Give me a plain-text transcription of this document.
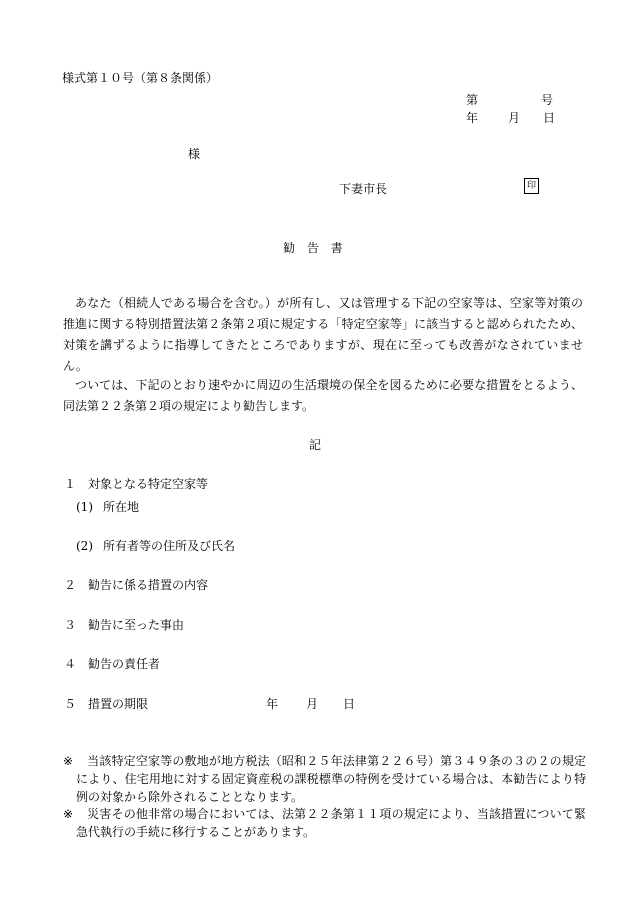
様式第１０号（第８条関係）
第	号
年 月 日
様
下妻市長	印
勧 告 書
あなた（相続人である場合を含む。）が所有し、又は管理する下記の空家等は、空家等対策の推進に関する特別措置法第２条第２項に規定する「特定空家等」に該当すると認められたため、対策を講ずるように指導してきたところでありますが、現在に至っても改善がなされていません。
ついては、下記のとおり速やかに周辺の生活環境の保全を図るために必要な措置をとるよう、同法第２２条第２項の規定により勧告します。
記
１ 対象となる特定空家等
(1) 所在地
(2) 所有者等の住所及び氏名
２ 勧告に係る措置の内容
３ 勧告に至った事由
４ 勧告の責任者
５ 措置の期限	年 月 日
※ 当該特定空家等の敷地が地方税法（昭和２５年法律第２２６号）第３４９条の３の２の規定により、住宅用地に対する固定資産税の課税標準の特例を受けている場合は、本勧告により特例の対象から除外されることとなります。
※ 災害その他非常の場合においては、法第２２条第１１項の規定により、当該措置について緊急代執行の手続に移行することがあります。
